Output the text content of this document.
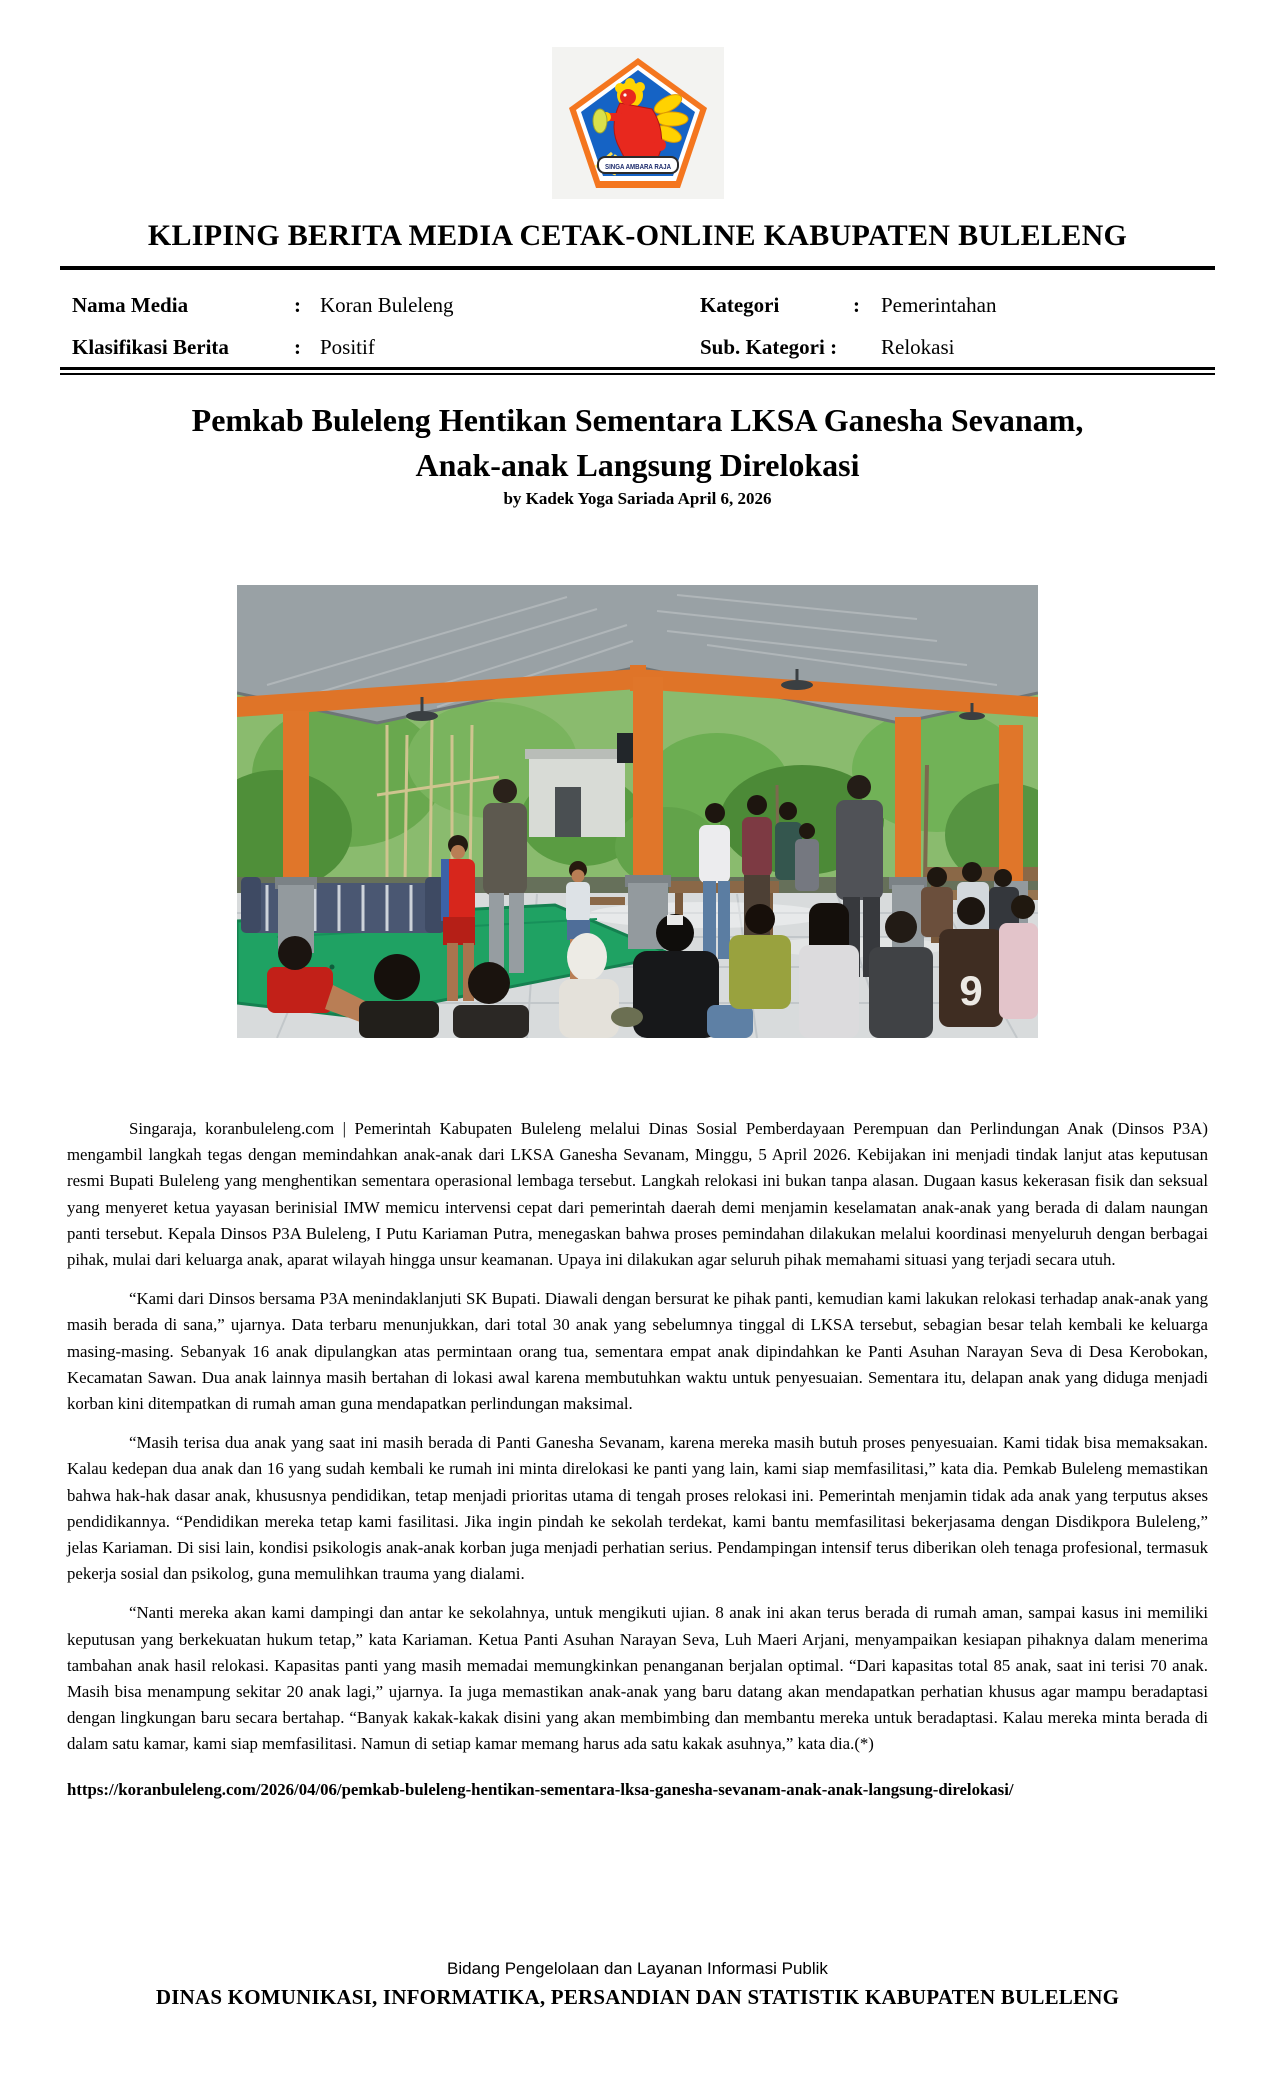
SINGA AMBARA RAJA
KLIPING BERITA MEDIA CETAK-ONLINE KABUPATEN BULELENG
Nama Media	: Koran Buleleng	Kategori	:	Pemerintahan
Klasifikasi Berita	: Positif	Sub. Kategori :	Relokasi
Pemkab Buleleng Hentikan Sementara LKSA Ganesha Sevanam,
Anak-anak Langsung Direlokasi
by Kadek Yoga Sariada April 6, 2026
9

Singaraja, koranbuleleng.com | Pemerintah Kabupaten Buleleng melalui Dinas Sosial Pemberdayaan Perempuan dan Perlindungan Anak (Dinsos P3A) mengambil langkah tegas dengan memindahkan anak-anak dari LKSA Ganesha Sevanam, Minggu, 5 April 2026. Kebijakan ini menjadi tindak lanjut atas keputusan resmi Bupati Buleleng yang menghentikan sementara operasional lembaga tersebut. Langkah relokasi ini bukan tanpa alasan. Dugaan kasus kekerasan fisik dan seksual yang menyeret ketua yayasan berinisial IMW memicu intervensi cepat dari pemerintah daerah demi menjamin keselamatan anak-anak yang berada di dalam naungan panti tersebut. Kepala Dinsos P3A Buleleng, I Putu Kariaman Putra, menegaskan bahwa proses pemindahan dilakukan melalui koordinasi menyeluruh dengan berbagai pihak, mulai dari keluarga anak, aparat wilayah hingga unsur keamanan. Upaya ini dilakukan agar seluruh pihak memahami situasi yang terjadi secara utuh.

“Kami dari Dinsos bersama P3A menindaklanjuti SK Bupati. Diawali dengan bersurat ke pihak panti, kemudian kami lakukan relokasi terhadap anak-anak yang masih berada di sana,” ujarnya. Data terbaru menunjukkan, dari total 30 anak yang sebelumnya tinggal di LKSA tersebut, sebagian besar telah kembali ke keluarga masing-masing. Sebanyak 16 anak dipulangkan atas permintaan orang tua, sementara empat anak dipindahkan ke Panti Asuhan Narayan Seva di Desa Kerobokan, Kecamatan Sawan. Dua anak lainnya masih bertahan di lokasi awal karena membutuhkan waktu untuk penyesuaian. Sementara itu, delapan anak yang diduga menjadi korban kini ditempatkan di rumah aman guna mendapatkan perlindungan maksimal.

“Masih terisa dua anak yang saat ini masih berada di Panti Ganesha Sevanam, karena mereka masih butuh proses penyesuaian. Kami tidak bisa memaksakan. Kalau kedepan dua anak dan 16 yang sudah kembali ke rumah ini minta direlokasi ke panti yang lain, kami siap memfasilitasi,” kata dia. Pemkab Buleleng memastikan bahwa hak-hak dasar anak, khususnya pendidikan, tetap menjadi prioritas utama di tengah proses relokasi ini. Pemerintah menjamin tidak ada anak yang terputus akses pendidikannya. “Pendidikan mereka tetap kami fasilitasi. Jika ingin pindah ke sekolah terdekat, kami bantu memfasilitasi bekerjasama dengan Disdikpora Buleleng,” jelas Kariaman. Di sisi lain, kondisi psikologis anak-anak korban juga menjadi perhatian serius. Pendampingan intensif terus diberikan oleh tenaga profesional, termasuk pekerja sosial dan psikolog, guna memulihkan trauma yang dialami.

“Nanti mereka akan kami dampingi dan antar ke sekolahnya, untuk mengikuti ujian. 8 anak ini akan terus berada di rumah aman, sampai kasus ini memiliki keputusan yang berkekuatan hukum tetap,” kata Kariaman. Ketua Panti Asuhan Narayan Seva, Luh Maeri Arjani, menyampaikan kesiapan pihaknya dalam menerima tambahan anak hasil relokasi. Kapasitas panti yang masih memadai memungkinkan penanganan berjalan optimal. “Dari kapasitas total 85 anak, saat ini terisi 70 anak. Masih bisa menampung sekitar 20 anak lagi,” ujarnya. Ia juga memastikan anak-anak yang baru datang akan mendapatkan perhatian khusus agar mampu beradaptasi dengan lingkungan baru secara bertahap. “Banyak kakak-kakak disini yang akan membimbing dan membantu mereka untuk beradaptasi. Kalau mereka minta berada di dalam satu kamar, kami siap memfasilitasi. Namun di setiap kamar memang harus ada satu kakak asuhnya,” kata dia.(*)

https://koranbuleleng.com/2026/04/06/pemkab-buleleng-hentikan-sementara-lksa-ganesha-sevanam-anak-anak-langsung-direlokasi/
Bidang Pengelolaan dan Layanan Informasi Publik
DINAS KOMUNIKASI, INFORMATIKA, PERSANDIAN DAN STATISTIK KABUPATEN BULELENG
